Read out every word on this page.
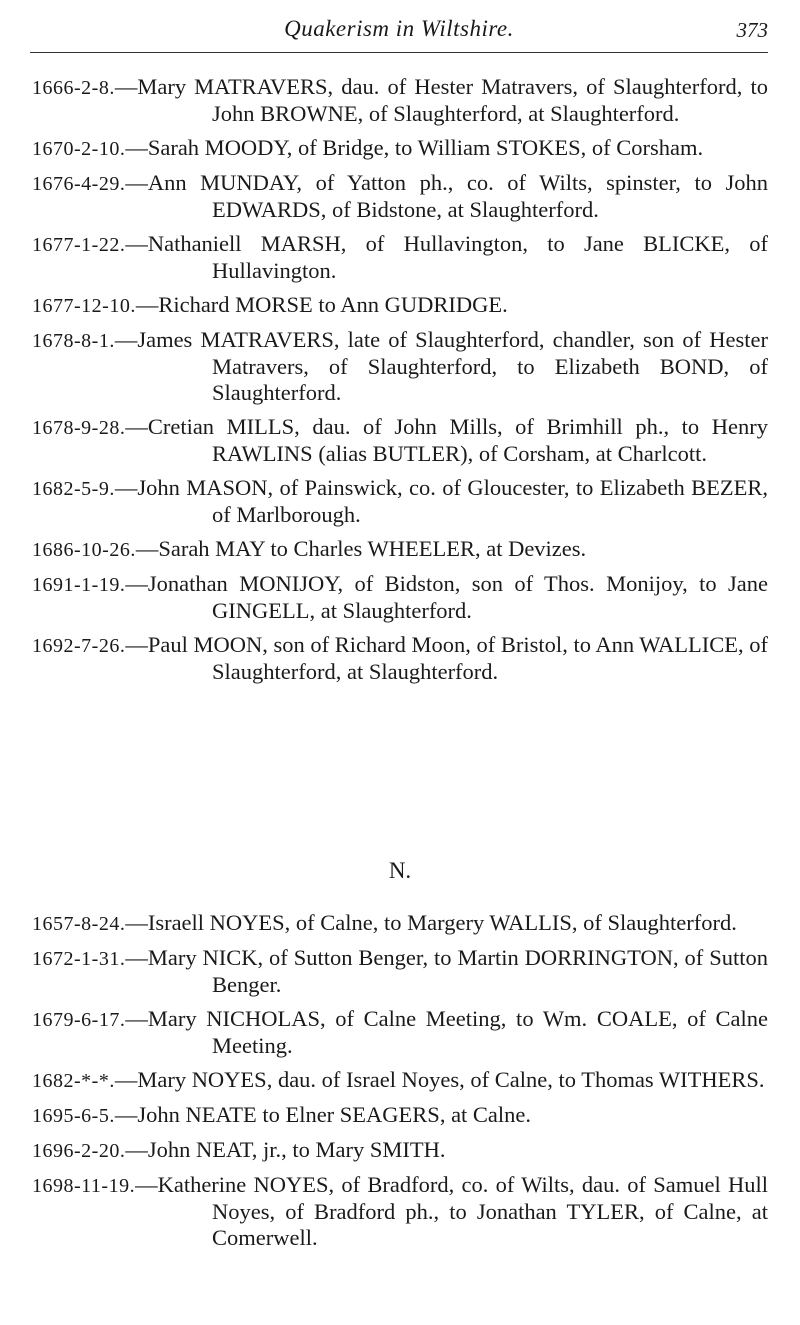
Quakerism in Wiltshire.	373

1666-2-8.—Mary MATRAVERS, dau. of Hester Matravers, of Slaughterford, to John BROWNE, of Slaughterford, at Slaughterford.

1670-2-10.—Sarah MOODY, of Bridge, to William STOKES, of Corsham.

1676-4-29.—Ann MUNDAY, of Yatton ph., co. of Wilts, spinster, to John EDWARDS, of Bidstone, at Slaughterford.

1677-1-22.—Nathaniell MARSH, of Hullavington, to Jane BLICKE, of Hullavington.

1677-12-10.—Richard MORSE to Ann GUDRIDGE.

1678-8-1.—James MATRAVERS, late of Slaughterford, chandler, son of Hester Matravers, of Slaughterford, to Elizabeth BOND, of Slaughterford.

1678-9-28.—Cretian MILLS, dau. of John Mills, of Brimhill ph., to Henry RAWLINS (alias BUTLER), of Corsham, at Charlcott.

1682-5-9.—John MASON, of Painswick, co. of Gloucester, to Elizabeth BEZER, of Marlborough.

1686-10-26.—Sarah MAY to Charles WHEELER, at Devizes.

1691-1-19.—Jonathan MONIJOY, of Bidston, son of Thos. Monijoy, to Jane GINGELL, at Slaughterford.

1692-7-26.—Paul MOON, son of Richard Moon, of Bristol, to Ann WALLICE, of Slaughterford, at Slaughterford.

N.

1657-8-24.—Israell NOYES, of Calne, to Margery WALLIS, of Slaughterford.

1672-1-31.—Mary NICK, of Sutton Benger, to Martin DORRINGTON, of Sutton Benger.

1679-6-17.—Mary NICHOLAS, of Calne Meeting, to Wm. COALE, of Calne Meeting.

1682-*-*.—Mary NOYES, dau. of Israel Noyes, of Calne, to Thomas WITHERS.

1695-6-5.—John NEATE to Elner SEAGERS, at Calne.

1696-2-20.—John NEAT, jr., to Mary SMITH.

1698-11-19.—Katherine NOYES, of Bradford, co. of Wilts, dau. of Samuel Hull Noyes, of Bradford ph., to Jonathan TYLER, of Calne, at Comerwell.
